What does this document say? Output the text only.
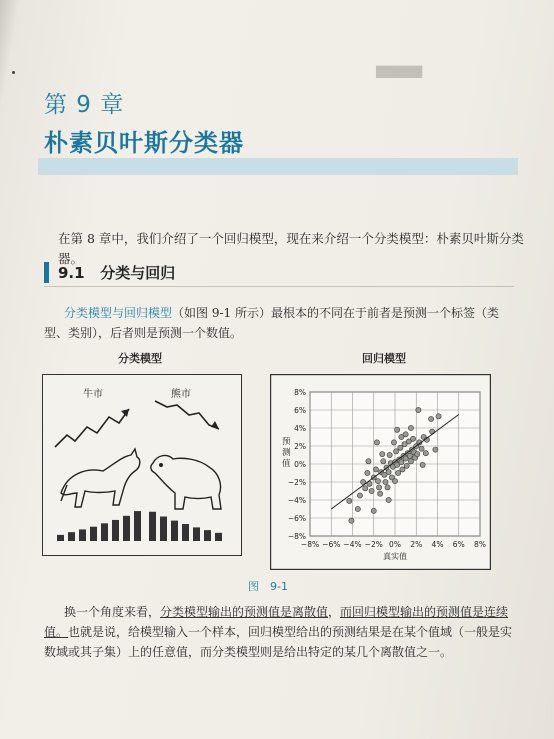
▇▇▇▇▇
第 9 章
朴素贝叶斯分类器
在第 8 章中，我们介绍了一个回归模型，现在来介绍一个分类模型：朴素贝叶斯分类器。
9.1 分类与回归
分类模型与回归模型（如图 9-1 所示）最根本的不同在于前者是预测一个标签（类型、类别），后者则是预测一个数值。
分类模型	回归模型
牛市	熊市
−8% −6% −4% −2% 0% 2% 4% 6% 8%
8%
6%
4%
2%
0%
−2%
−4%
−6%
−8%
真实值
预测值
图　9-1
换一个角度来看，分类模型输出的预测值是离散值，而回归模型输出的预测值是连续值。也就是说，给模型输入一个样本，回归模型给出的预测结果是在某个值域（一般是实数域或其子集）上的任意值，而分类模型则是给出特定的某几个离散值之一。
